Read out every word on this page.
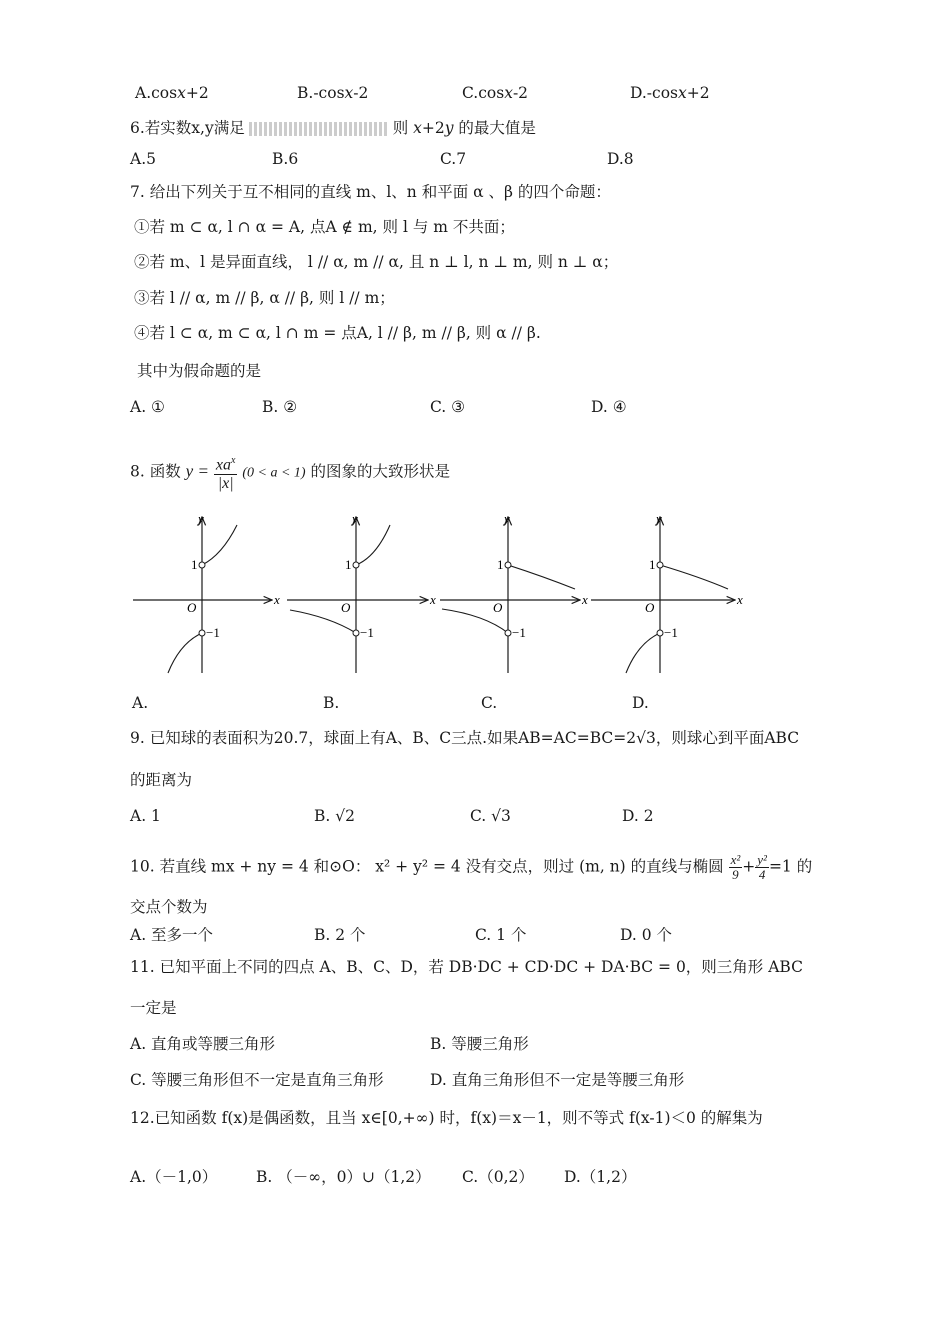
A.cos𝑥+2	B.-cos𝑥-2	C.cos𝑥-2	D.-cos𝑥+2
6.若实数x,y满足	则 𝑥+2𝑦 的最大值是
A.5	B.6	C.7	D.8
7. 给出下列关于互不相同的直线 m、l、n 和平面 α 、β 的四个命题：
①若 m ⊂ α, l ∩ α = A, 点A ∉ m, 则 l 与 m 不共面；
②若 m、l 是异面直线， l // α, m // α, 且 n ⊥ l, n ⊥ m, 则 n ⊥ α；
③若 l // α, m // β, α // β, 则 l // m；
④若 l ⊂ α, m ⊂ α, l ∩ m = 点A, l // β, m // β, 则 α // β.
其中为假命题的是
A. ①	B. ②	C. ③	D. ④
8. 函数 $y = \frac{xa^x}{|x|} (0 < a < 1)$ 的图象的大致形状是
y
x
O
1
−1
y
x
O
1
−1
y
x
O
1
−1
y
x
O
1
−1
A.	B.	C.	D.
9. 已知球的表面积为20.7，球面上有A、B、C三点.如果AB=AC=BC=2√3，则球心到平面ABC
的距离为
A. 1	B. √2	C. √3	D. 2
10. 若直线 mx + ny = 4 和⊙O： x² + y² = 4 没有交点，则过 (m, n) 的直线与椭圆 $\frac{\text{x²}}{9} + \frac{\text{y²}}{4} =1$ 的
交点个数为
A. 至多一个	B. 2 个	C. 1 个	D. 0 个
11. 已知平面上不同的四点 A、B、C、D，若 DB·DC + CD·DC + DA·BC = 0，则三角形 ABC
一定是
A. 直角或等腰三角形	B. 等腰三角形
C. 等腰三角形但不一定是直角三角形	D. 直角三角形但不一定是等腰三角形
12.已知函数 f(x)是偶函数，且当 x∈[0,+∞) 时，f(x)＝x－1，则不等式 f(x-1)＜0 的解集为
A.（－1,0） B. （－∞，0）∪（1,2） C.（0,2） D.（1,2）
